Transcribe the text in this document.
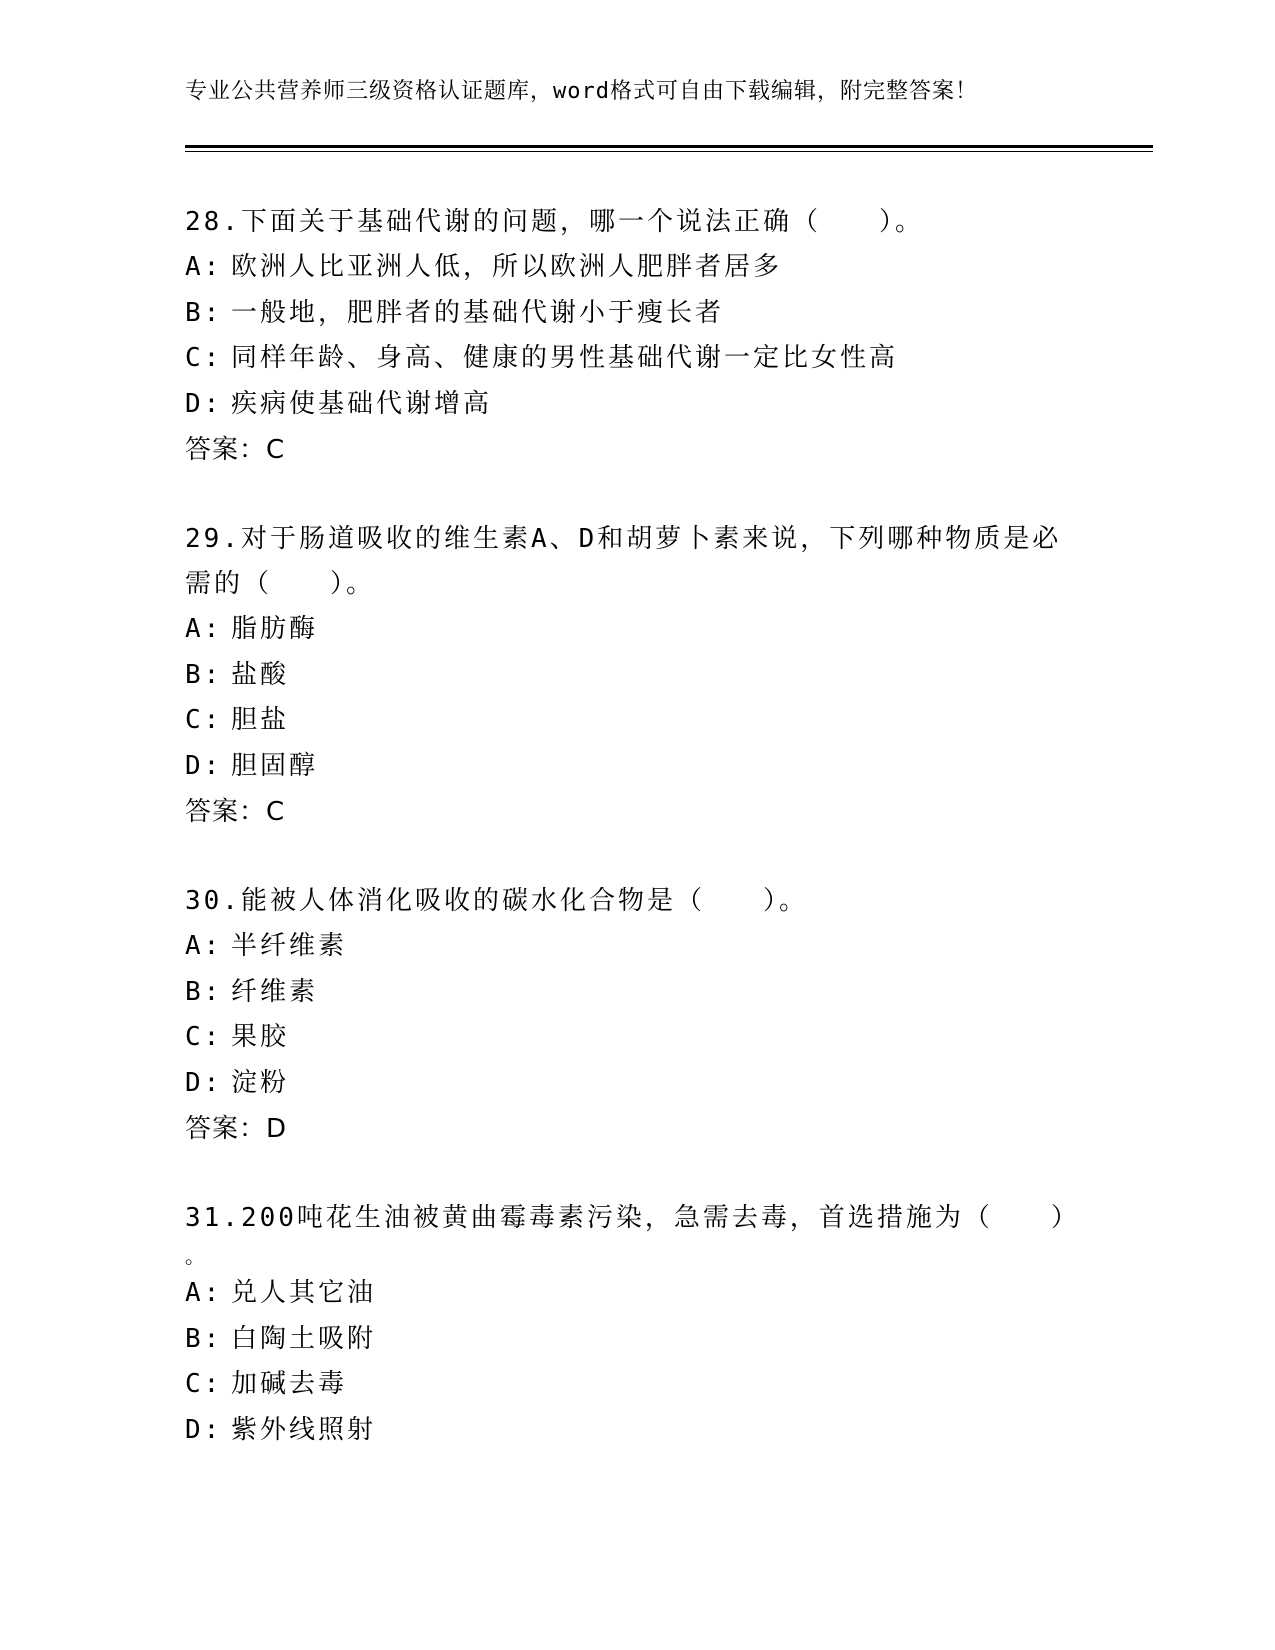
专业公共营养师三级资格认证题库，word格式可自由下载编辑，附完整答案！
28.下面关于基础代谢的问题，哪一个说法正确（　　）。
A: 欧洲人比亚洲人低，所以欧洲人肥胖者居多
B: 一般地，肥胖者的基础代谢小于瘦长者
C: 同样年龄、身高、健康的男性基础代谢一定比女性高
D: 疾病使基础代谢增高
答案：C
29.对于肠道吸收的维生素A、D和胡萝卜素来说，下列哪种物质是必需的（　　）。
A: 脂肪酶
B: 盐酸
C: 胆盐
D: 胆固醇
答案：C
30.能被人体消化吸收的碳水化合物是（　　）。
A: 半纤维素
B: 纤维素
C: 果胶
D: 淀粉
答案：D
31.200吨花生油被黄曲霉毒素污染，急需去毒，首选措施为（　　）
。
A: 兑人其它油
B: 白陶土吸附
C: 加碱去毒
D: 紫外线照射
